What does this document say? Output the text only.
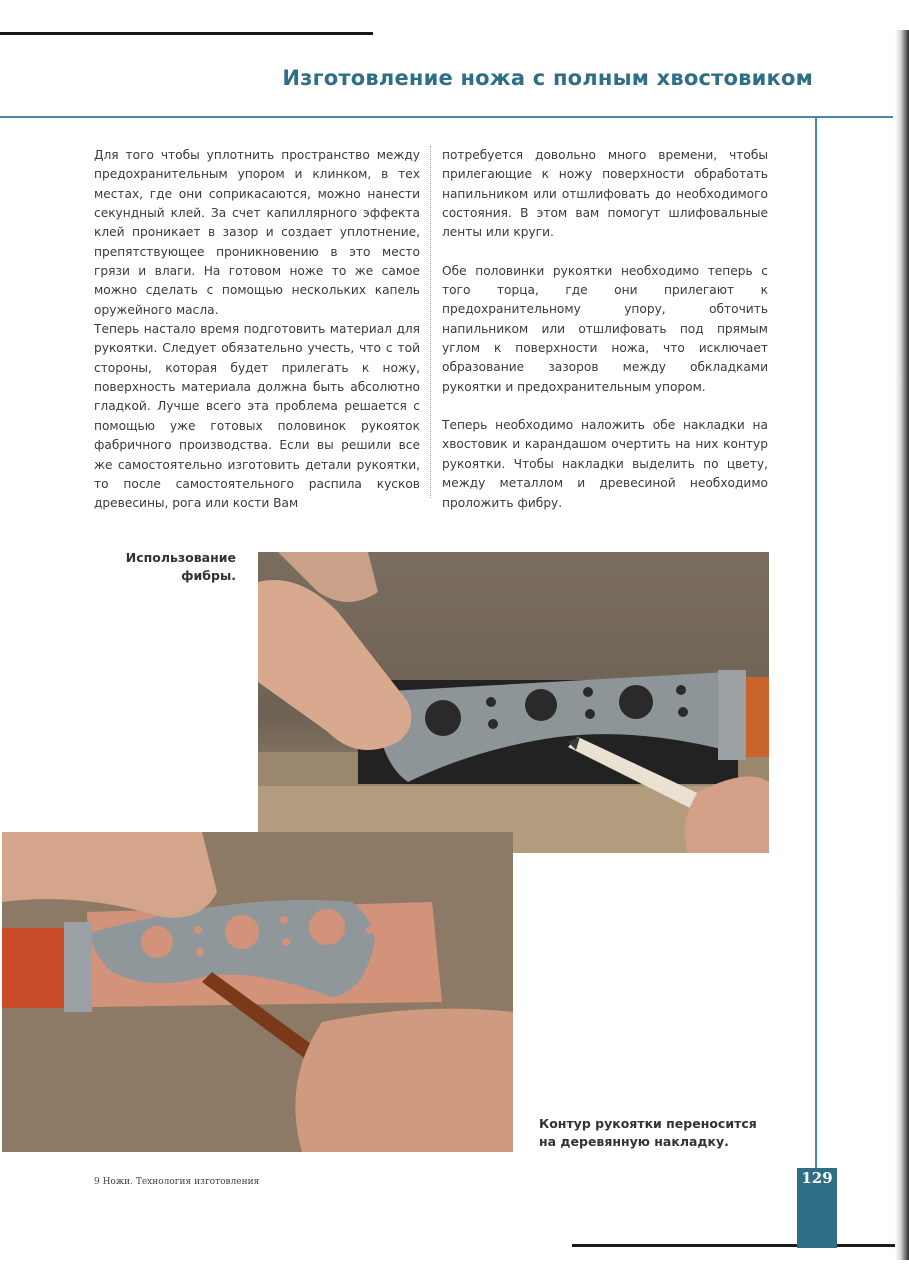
Изготовление ножа с полным хвостовиком

Для того чтобы уплотнить пространство между предохранительным упором и клинком, в тех местах, где они соприкасаются, можно нанести секундный клей. За счет капиллярного эффекта клей проникает в зазор и создает уплотнение, препятствующее проникновению в это место грязи и влаги. На готовом ноже то же самое можно сделать с помощью нескольких капель оружейного масла.

Теперь настало время подготовить материал для рукоятки. Следует обязательно учесть, что с той стороны, которая будет прилегать к ножу, поверхность материала должна быть абсолютно гладкой. Лучше всего эта проблема решается с помощью уже готовых половинок рукояток фабричного производства. Если вы решили все же самостоятельно изготовить детали рукоятки, то после самостоятельного распила кусков древесины, рога или кости Вам

потребуется довольно много времени, чтобы прилегающие к ножу поверхности обработать напильником или отшлифовать до необходимого состояния. В этом вам помогут шлифовальные ленты или круги.

Обе половинки рукоятки необходимо теперь с того торца, где они прилегают к предохранительному упору, обточить напильником или отшлифовать под прямым углом к поверхности ножа, что исключает образование зазоров между обкладками рукоятки и предохранительным упором.

Теперь необходимо наложить обе накладки на хвостовик и карандашом очертить на них контур рукоятки. Чтобы накладки выделить по цвету, между металлом и древесиной необходимо проложить фибру.

Использование фибры.
Контур рукоятки переносится на деревянную накладку.
9 Ножи. Технология изготовления	129
